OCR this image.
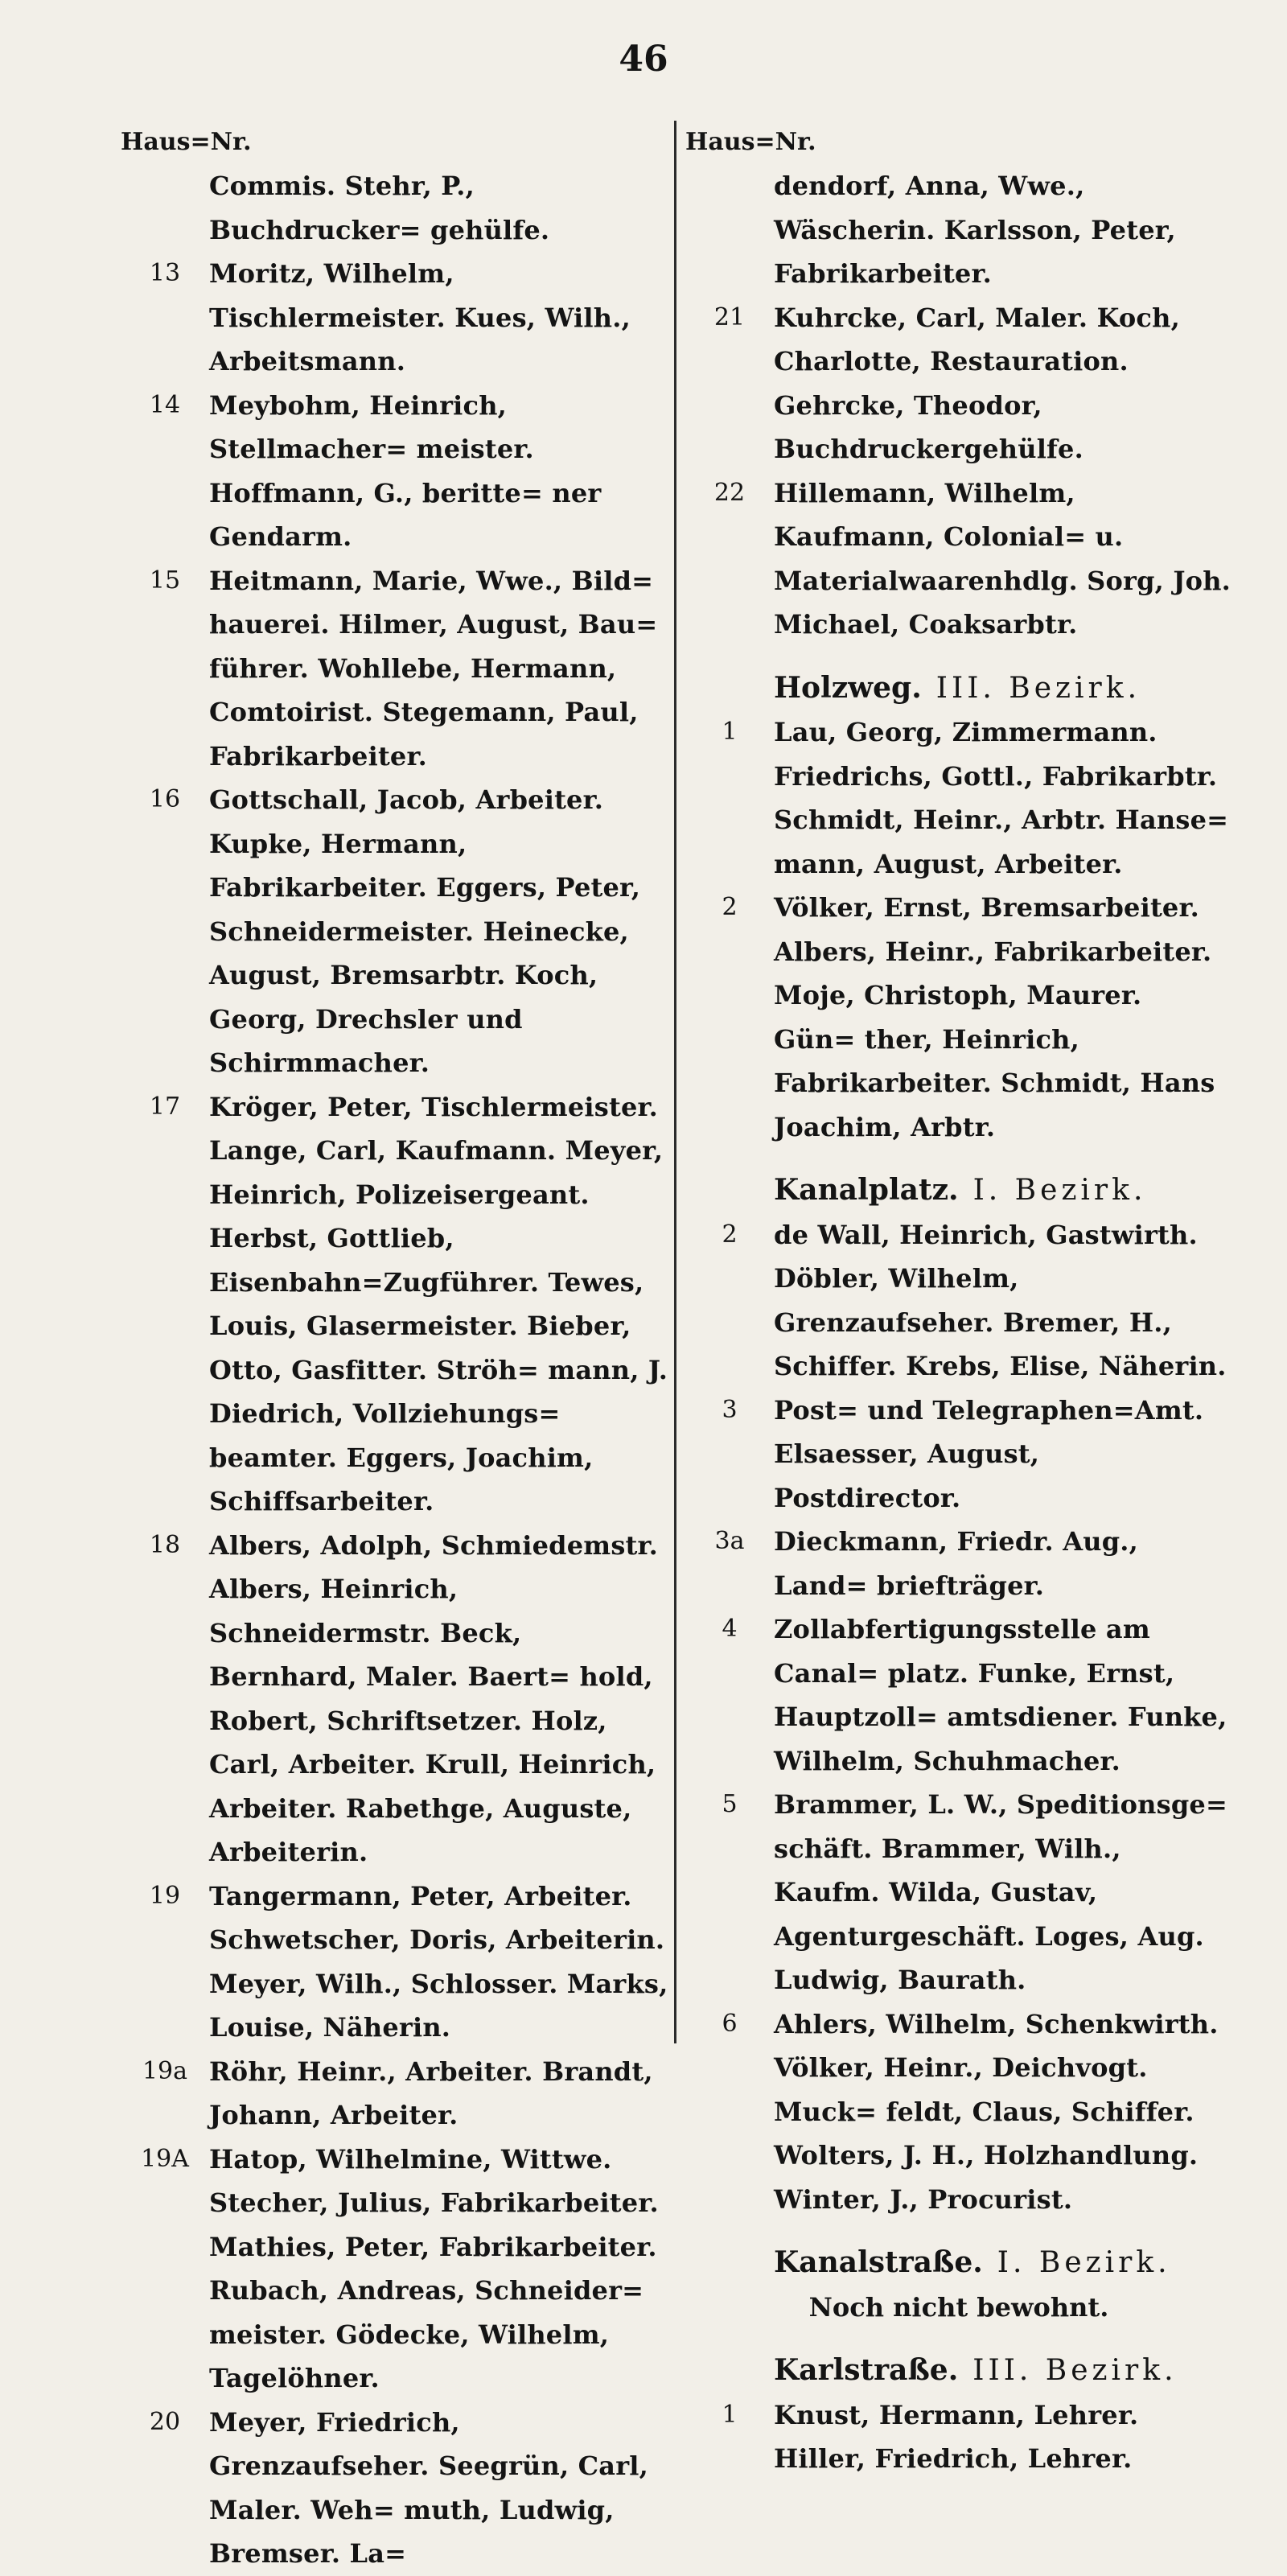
46
Haus=Nr.
Commis. Stehr, P., Buchdrucker= gehülfe.
13	Moritz, Wilhelm, Tischlermeister. Kues, Wilh., Arbeitsmann.
14	Meybohm, Heinrich, Stellmacher= meister. Hoffmann, G., beritte= ner Gendarm.
15	Heitmann, Marie, Wwe., Bild= hauerei. Hilmer, August, Bau= führer. Wohllebe, Hermann, Comtoirist. Stegemann, Paul, Fabrikarbeiter.
16	Gottschall, Jacob, Arbeiter. Kupke, Hermann, Fabrikarbeiter. Eggers, Peter, Schneidermeister. Heinecke, August, Bremsarbtr. Koch, Georg, Drechsler und Schirmmacher.
17	Kröger, Peter, Tischlermeister. Lange, Carl, Kaufmann. Meyer, Heinrich, Polizeisergeant. Herbst, Gottlieb, Eisenbahn=Zugführer. Tewes, Louis, Glasermeister. Bieber, Otto, Gasfitter. Ströh= mann, J. Diedrich, Vollziehungs= beamter. Eggers, Joachim, Schiffsarbeiter.
18	Albers, Adolph, Schmiedemstr. Albers, Heinrich, Schneidermstr. Beck, Bernhard, Maler. Baert= hold, Robert, Schriftsetzer. Holz, Carl, Arbeiter. Krull, Heinrich, Arbeiter. Rabethge, Auguste, Arbeiterin.
19	Tangermann, Peter, Arbeiter. Schwetscher, Doris, Arbeiterin. Meyer, Wilh., Schlosser. Marks, Louise, Näherin.
19a Röhr, Heinr., Arbeiter. Brandt, Johann, Arbeiter.
19A Hatop, Wilhelmine, Wittwe. Stecher, Julius, Fabrikarbeiter. Mathies, Peter, Fabrikarbeiter. Rubach, Andreas, Schneider= meister. Gödecke, Wilhelm, Tagelöhner.
20	Meyer, Friedrich, Grenzaufseher. Seegrün, Carl, Maler. Weh= muth, Ludwig, Bremser. La=
Haus=Nr.
dendorf, Anna, Wwe., Wäscherin. Karlsson, Peter, Fabrikarbeiter.
21	Kuhrcke, Carl, Maler. Koch, Charlotte, Restauration. Gehrcke, Theodor, Buchdruckergehülfe.
22	Hillemann, Wilhelm, Kaufmann, Colonial= u. Materialwaarenhdlg. Sorg, Joh. Michael, Coaksarbtr.
Holzweg. III. Bezirk.
1	Lau, Georg, Zimmermann. Friedrichs, Gottl., Fabrikarbtr. Schmidt, Heinr., Arbtr. Hanse= mann, August, Arbeiter.
2	Völker, Ernst, Bremsarbeiter. Albers, Heinr., Fabrikarbeiter. Moje, Christoph, Maurer. Gün= ther, Heinrich, Fabrikarbeiter. Schmidt, Hans Joachim, Arbtr.
Kanalplatz. I. Bezirk.
2	de Wall, Heinrich, Gastwirth. Döbler, Wilhelm, Grenzaufseher. Bremer, H., Schiffer. Krebs, Elise, Näherin.
3	Post= und Telegraphen=Amt. Elsaesser, August, Postdirector.
3a	Dieckmann, Friedr. Aug., Land= briefträger.
4	Zollabfertigungsstelle am Canal= platz. Funke, Ernst, Hauptzoll= amtsdiener. Funke, Wilhelm, Schuhmacher.
5	Brammer, L. W., Speditionsge= schäft. Brammer, Wilh., Kaufm. Wilda, Gustav, Agenturgeschäft. Loges, Aug. Ludwig, Baurath.
6	Ahlers, Wilhelm, Schenkwirth. Völker, Heinr., Deichvogt. Muck= feldt, Claus, Schiffer. Wolters, J. H., Holzhandlung. Winter, J., Procurist.
Kanalstraße. I. Bezirk.
Noch nicht bewohnt.
Karlstraße. III. Bezirk.
1	Knust, Hermann, Lehrer. Hiller, Friedrich, Lehrer.
